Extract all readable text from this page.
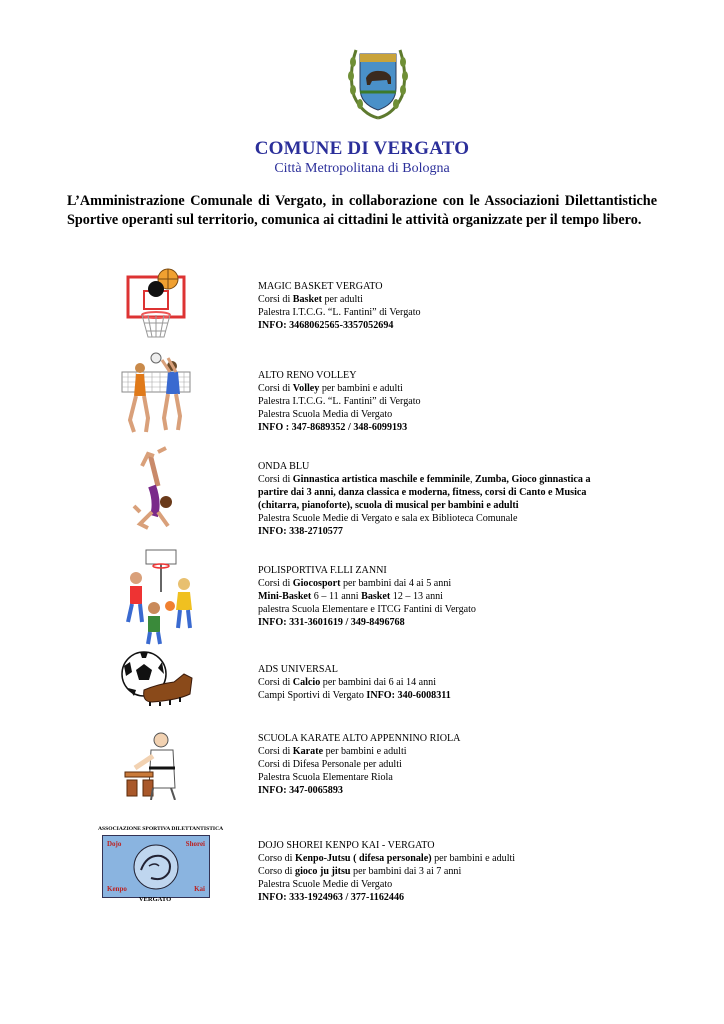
COMUNE DI VERGATO
Città Metropolitana di Bologna
L’Amministrazione Comunale di Vergato, in collaborazione con le Associazioni Dilettantistiche Sportive operanti sul territorio, comunica ai cittadini le attività organizzate per il tempo libero.
MAGIC BASKET VERGATO
Corsi di Basket per adulti
Palestra I.T.C.G. “L. Fantini” di Vergato
INFO: 3468062565-3357052694
ALTO RENO VOLLEY
Corsi di Volley per bambini e adulti
Palestra I.T.C.G. “L. Fantini” di Vergato
Palestra Scuola Media di Vergato
INFO : 347-8689352 / 348-6099193
ONDA BLU
Corsi di Ginnastica artistica maschile e femminile, Zumba, Gioco ginnastica a
partire dai 3 anni, danza classica e moderna, fitness, corsi di Canto e Musica
(chitarra, pianoforte), scuola di musical per bambini e adulti
Palestra Scuole Medie di Vergato e sala ex Biblioteca Comunale
INFO: 338-2710577
POLISPORTIVA F.LLI ZANNI
Corsi di Giocosport per bambini dai 4 ai 5 anni
Mini-Basket 6 – 11 anni Basket 12 – 13 anni
palestra Scuola Elementare e ITCG Fantini di Vergato
INFO: 331-3601619 / 349-8496768
ADS UNIVERSAL
Corsi di Calcio per bambini dai 6 ai 14 anni
Campi Sportivi di Vergato INFO: 340-6008311
SCUOLA KARATE ALTO APPENNINO RIOLA
Corsi di Karate per bambini e adulti
Corsi di Difesa Personale per adulti
Palestra Scuola Elementare Riola
INFO: 347-0065893
ASSOCIAZIONE SPORTIVA DILETTANTISTICA
Dojo	Shorei
Kenpo	Kai
VERGATO
DOJO SHOREI KENPO KAI - VERGATO
Corso di Kenpo-Jutsu ( difesa personale) per bambini e adulti
Corso di gioco ju jitsu per bambini dai 3 ai 7 anni
Palestra Scuole Medie di Vergato
INFO: 333-1924963 / 377-1162446
